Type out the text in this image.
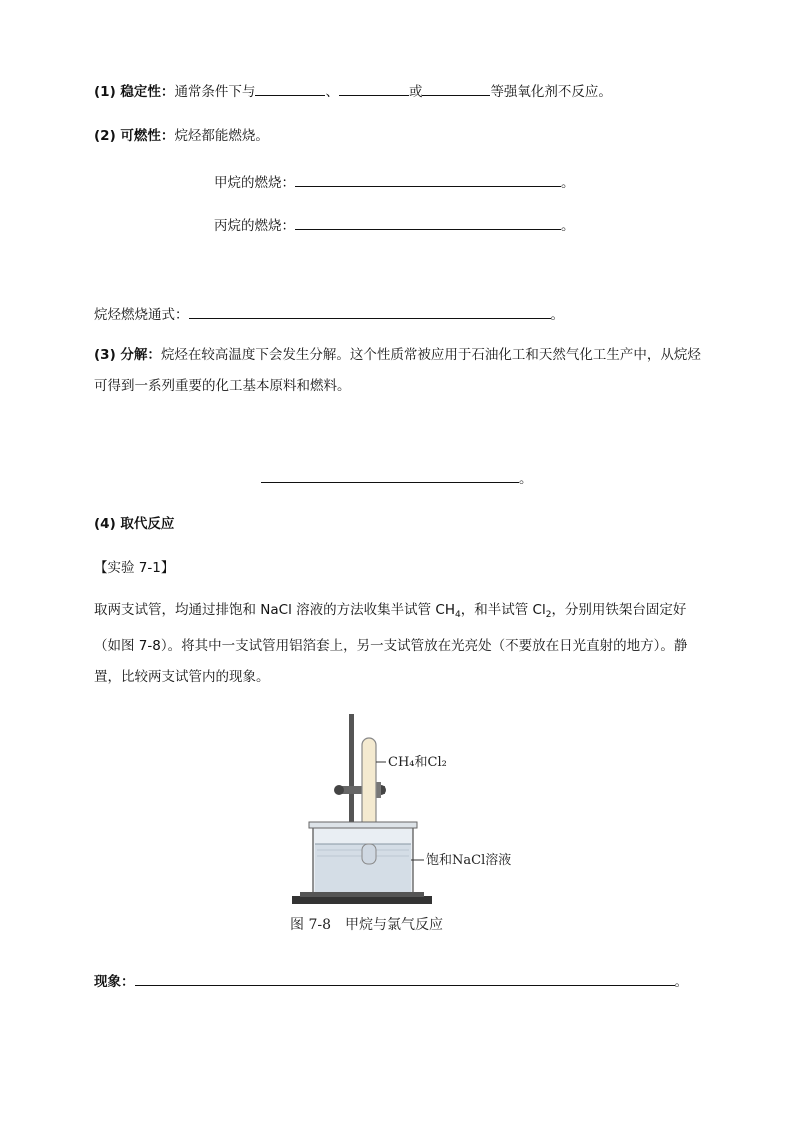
(1) 稳定性：通常条件下与	、	或	等强氧化剂不反应。
(2) 可燃性：烷烃都能燃烧。
甲烷的燃烧：	。
丙烷的燃烧：	。
烷烃燃烧通式：	。
(3) 分解：烷烃在较高温度下会发生分解。这个性质常被应用于石油化工和天然气化工生产中，从烷烃可得到一系列重要的化工基本原料和燃料。
。
(4) 取代反应
【实验 7-1】
取两支试管，均通过排饱和 NaCl 溶液的方法收集半试管 $CH_4$，和半试管 $Cl_2$，分别用铁架台固定好（如图 7-8）。将其中一支试管用铝箔套上，另一支试管放在光亮处（不要放在日光直射的地方）。静置，比较两支试管内的现象。
CH₄和Cl₂
饱和NaCl溶液
图 7-8　甲烷与氯气反应
现象：	。
